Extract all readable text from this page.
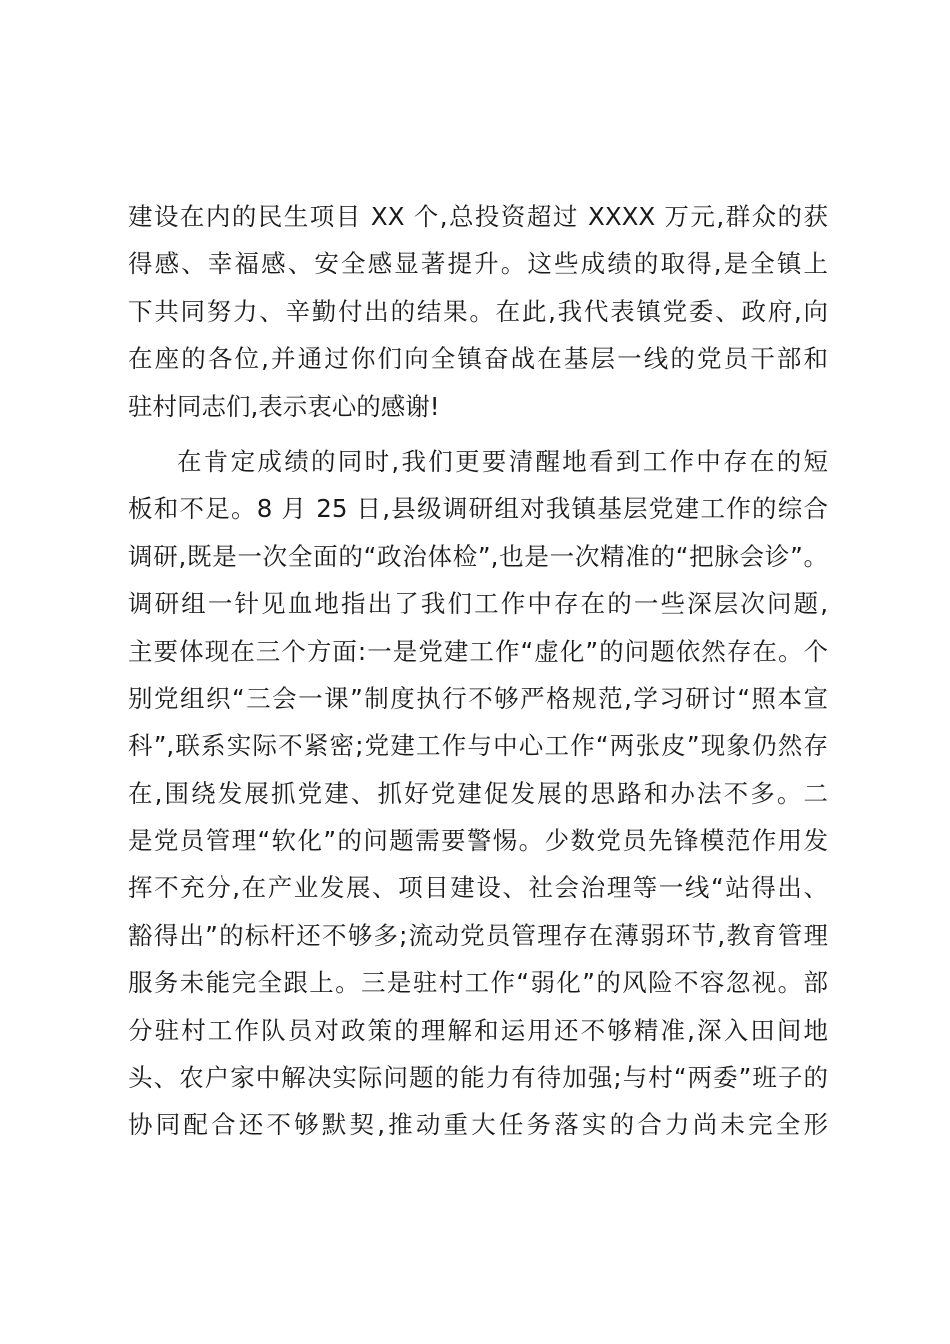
建设在内的民生项目 XX 个,总投资超过 XXXX 万元,群众的获
得感、幸福感、安全感显著提升。这些成绩的取得,是全镇上
下共同努力、辛勤付出的结果。在此,我代表镇党委、政府,向
在座的各位,并通过你们向全镇奋战在基层一线的党员干部和
驻村同志们,表示衷心的感谢!
在肯定成绩的同时,我们更要清醒地看到工作中存在的短
板和不足。8 月 25 日,县级调研组对我镇基层党建工作的综合
调研,既是一次全面的“政治体检”,也是一次精准的“把脉会诊”。
调研组一针见血地指出了我们工作中存在的一些深层次问题,
主要体现在三个方面:一是党建工作“虚化”的问题依然存在。个
别党组织“三会一课”制度执行不够严格规范,学习研讨“照本宣
科”,联系实际不紧密;党建工作与中心工作“两张皮”现象仍然存
在,围绕发展抓党建、抓好党建促发展的思路和办法不多。二
是党员管理“软化”的问题需要警惕。少数党员先锋模范作用发
挥不充分,在产业发展、项目建设、社会治理等一线“站得出、
豁得出”的标杆还不够多;流动党员管理存在薄弱环节,教育管理
服务未能完全跟上。三是驻村工作“弱化”的风险不容忽视。部
分驻村工作队员对政策的理解和运用还不够精准,深入田间地
头、农户家中解决实际问题的能力有待加强;与村“两委”班子的
协同配合还不够默契,推动重大任务落实的合力尚未完全形
